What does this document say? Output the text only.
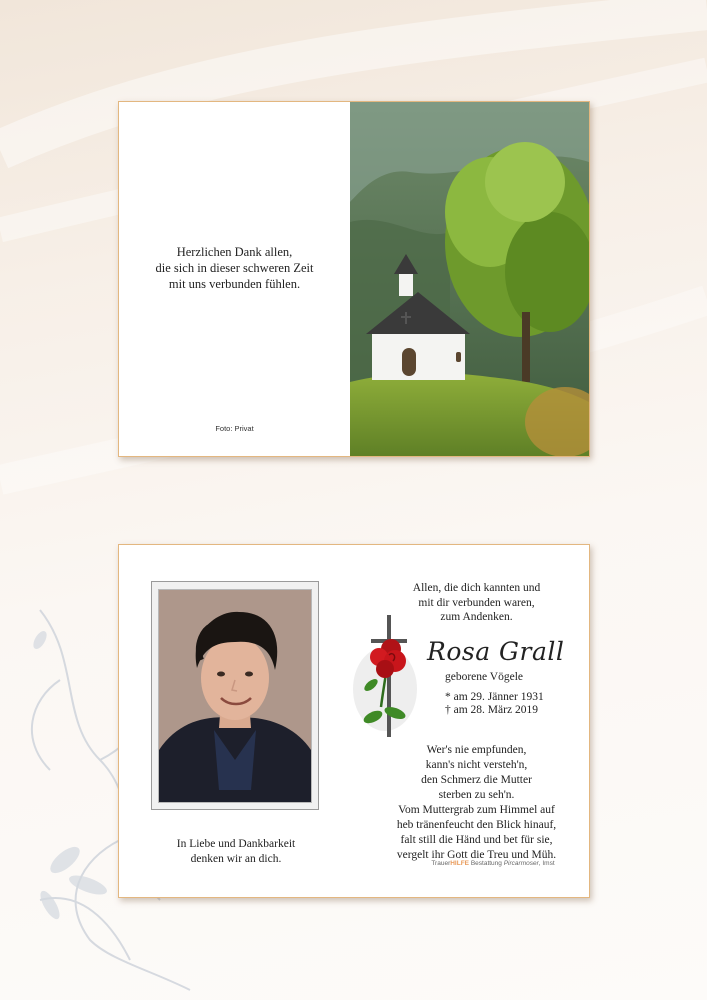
Herzlichen Dank allen,
die sich in dieser schweren Zeit
mit uns verbunden fühlen.
Foto: Privat
In Liebe und Dankbarkeit
denken wir an dich.
Allen, die dich kannten und
mit dir verbunden waren,
zum Andenken.
Rosa Grall
geborene Vögele
* am 29. Jänner 1931
† am 28. März 2019
Wer's nie empfunden,
kann's nicht versteh'n,
den Schmerz die Mutter
sterben zu seh'n.
Vom Muttergrab zum Himmel auf
heb tränenfeucht den Blick hinauf,
falt still die Händ und bet für sie,
vergelt ihr Gott die Treu und Müh.
TrauerHILFE Bestattung Pircarmoser, Imst
